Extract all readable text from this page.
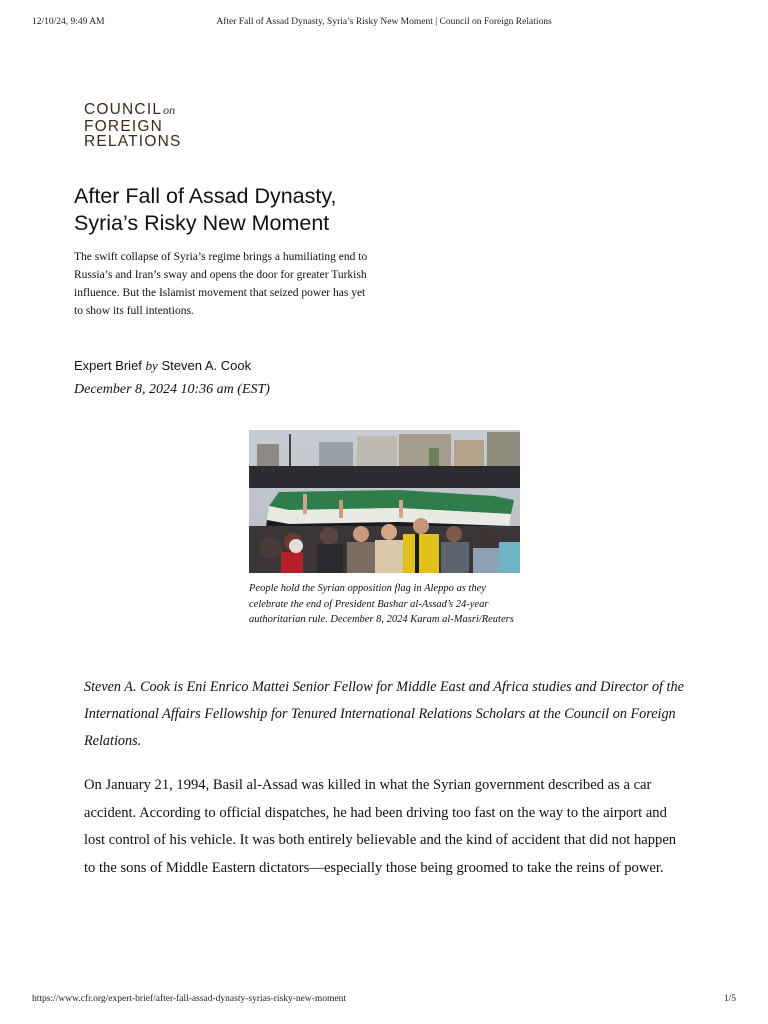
12/10/24, 9:49 AM	After Fall of Assad Dynasty, Syria’s Risky New Moment | Council on Foreign Relations
COUNCILon
FOREIGN
RELATIONS
After Fall of Assad Dynasty, Syria’s Risky New Moment

The swift collapse of Syria’s regime brings a humiliating end to Russia’s and Iran’s sway and opens the door for greater Turkish influence. But the Islamist movement that seized power has yet to show its full intentions.

Expert Brief by Steven A. Cook
December 8, 2024 10:36 am (EST)

People hold the Syrian opposition flag in Aleppo as they celebrate the end of President Bashar al-Assad’s 24-year authoritarian rule. December 8, 2024 Karam al-Masri/Reuters

Steven A. Cook is Eni Enrico Mattei Senior Fellow for Middle East and Africa studies and Director of the International Affairs Fellowship for Tenured International Relations Scholars at the Council on Foreign Relations.

On January 21, 1994, Basil al-Assad was killed in what the Syrian government described as a car accident. According to official dispatches, he had been driving too fast on the way to the airport and lost control of his vehicle. It was both entirely believable and the kind of accident that did not happen to the sons of Middle Eastern dictators—especially those being groomed to take the reins of power.

https://www.cfr.org/expert-brief/after-fall-assad-dynasty-syrias-risky-new-moment	1/5
